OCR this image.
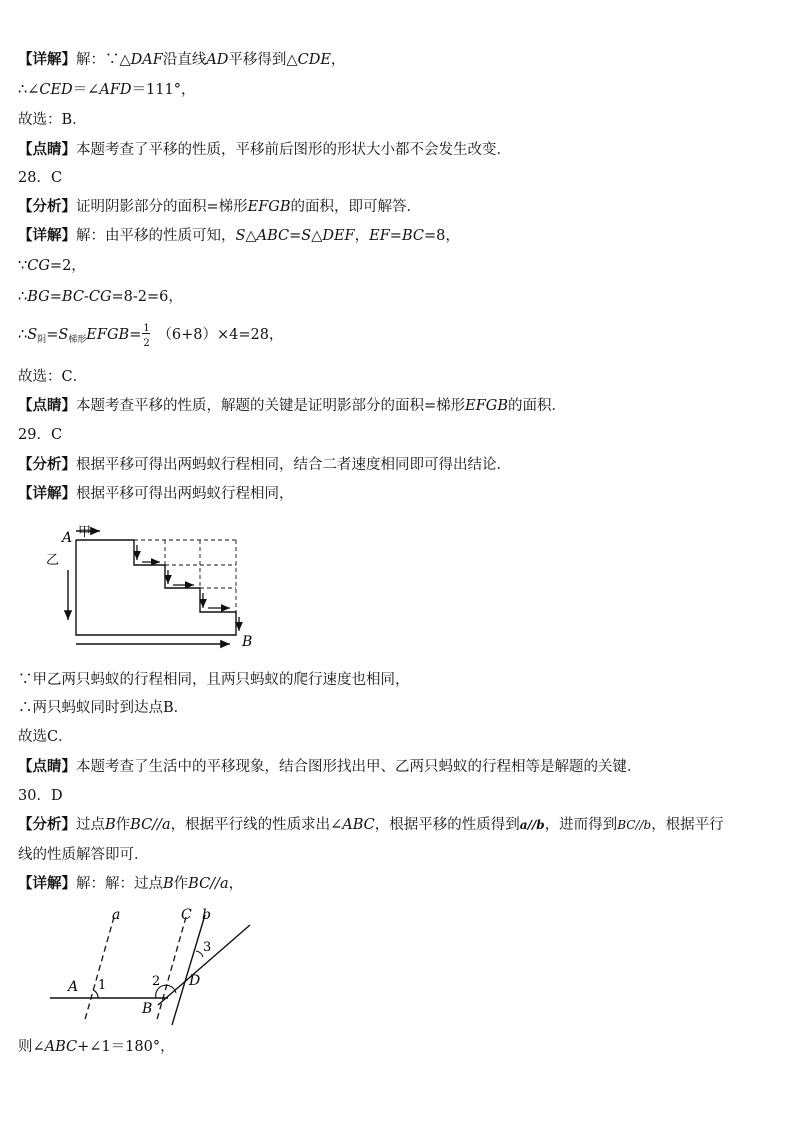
【详解】解：∵△DAF沿直线AD平移得到△CDE，
∴∠CED＝∠AFD＝111°，
故选：B．
【点睛】本题考查了平移的性质，平移前后图形的形状大小都不会发生改变．
28．C
【分析】证明阴影部分的面积=梯形EFGB的面积，即可解答．
【详解】解：由平移的性质可知，S△ABC=S△DEF，EF=BC=8，
∵CG=2，
∴BG=BC-CG=8-2=6，
$\therefore S_阴=S_{梯形}EFGB= \frac{1}{2} (6+8)\times 4=28$，
故选：C．
【点睛】本题考查平移的性质，解题的关键是证明影部分的面积=梯形EFGB的面积．
29．C
【分析】根据平移可得出两蚂蚁行程相同，结合二者速度相同即可得出结论．
【详解】根据平移可得出两蚂蚁行程相同，
A 甲
乙
B
∵甲乙两只蚂蚁的行程相同，且两只蚂蚁的爬行速度也相同，
∴两只蚂蚁同时到达点B．
故选C．
【点睛】本题考查了生活中的平移现象，结合图形找出甲、乙两只蚂蚁的行程相等是解题的关键．
30．D
【分析】过点B作BC//a，根据平行线的性质求出∠ABC，根据平移的性质得到a//b，进而得到BC//b，根据平行
线的性质解答即可．
【详解】解：解：过点B作BC//a，
a	C b
A 1	2
3
D
B
则∠ABC+∠1＝180°，
